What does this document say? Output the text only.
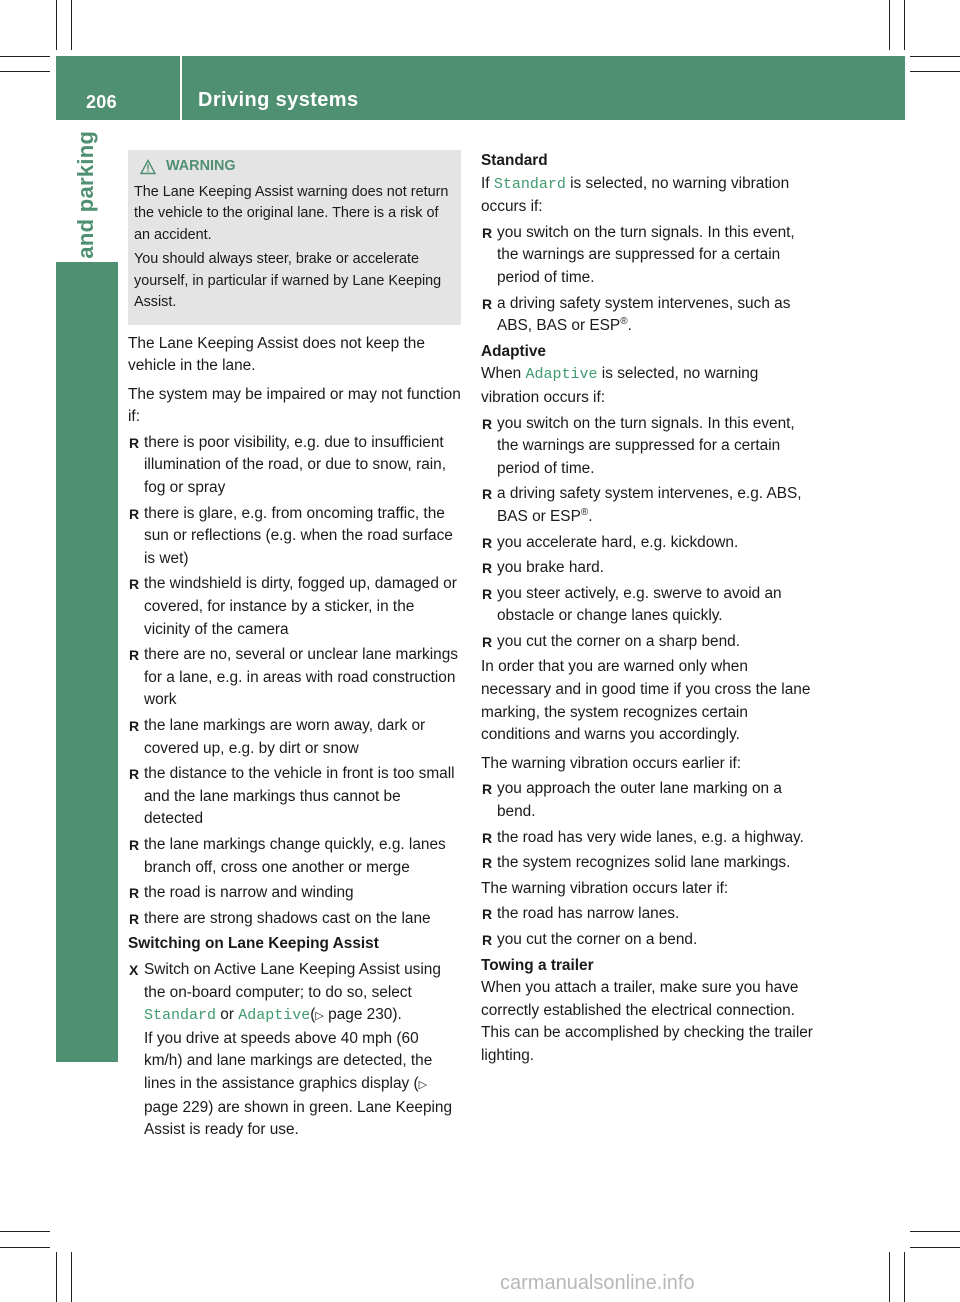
206	Driving systems
Driving and parking	WARNING

The Lane Keeping Assist warning does not return the vehicle to the original lane. There is a risk of an accident.

You should always steer, brake or accelerate yourself, in particular if warned by Lane Keeping Assist.

The Lane Keeping Assist does not keep the vehicle in the lane.

The system may be impaired or may not function if:

R there is poor visibility, e.g. due to insufficient illumination of the road, or due to snow, rain, fog or spray
R there is glare, e.g. from oncoming traffic, the sun or reflections (e.g. when the road surface is wet)
R the windshield is dirty, fogged up, damaged or covered, for instance by a sticker, in the vicinity of the camera
R there are no, several or unclear lane markings for a lane, e.g. in areas with road construction work
R the lane markings are worn away, dark or covered up, e.g. by dirt or snow
R the distance to the vehicle in front is too small and the lane markings thus cannot be detected
R the lane markings change quickly, e.g. lanes branch off, cross one another or merge
R the road is narrow and winding
R there are strong shadows cast on the lane

Switching on Lane Keeping Assist

X Switch on Active Lane Keeping Assist using the on-board computer; to do so, select Standard or Adaptive(▷ page 230).
If you drive at speeds above 40 mph (60 km/h) and lane markings are detected, the lines in the assistance graphics display (▷ page 229) are shown in green. Lane Keeping Assist is ready for use.

Standard

If Standard is selected, no warning vibration occurs if:

R you switch on the turn signals. In this event, the warnings are suppressed for a certain period of time.
R a driving safety system intervenes, such as ABS, BAS or ESP®.

Adaptive

When Adaptive is selected, no warning vibration occurs if:

R you switch on the turn signals. In this event, the warnings are suppressed for a certain period of time.
R a driving safety system intervenes, e.g. ABS, BAS or ESP®.
R you accelerate hard, e.g. kickdown.
R you brake hard.
R you steer actively, e.g. swerve to avoid an obstacle or change lanes quickly.
R you cut the corner on a sharp bend.

In order that you are warned only when necessary and in good time if you cross the lane marking, the system recognizes certain conditions and warns you accordingly.

The warning vibration occurs earlier if:

R you approach the outer lane marking on a bend.
R the road has very wide lanes, e.g. a highway.
R the system recognizes solid lane markings.

The warning vibration occurs later if:

R the road has narrow lanes.
R you cut the corner on a bend.

Towing a trailer

When you attach a trailer, make sure you have correctly established the electrical connection. This can be accomplished by checking the trailer lighting.

carmanualsonline.info
